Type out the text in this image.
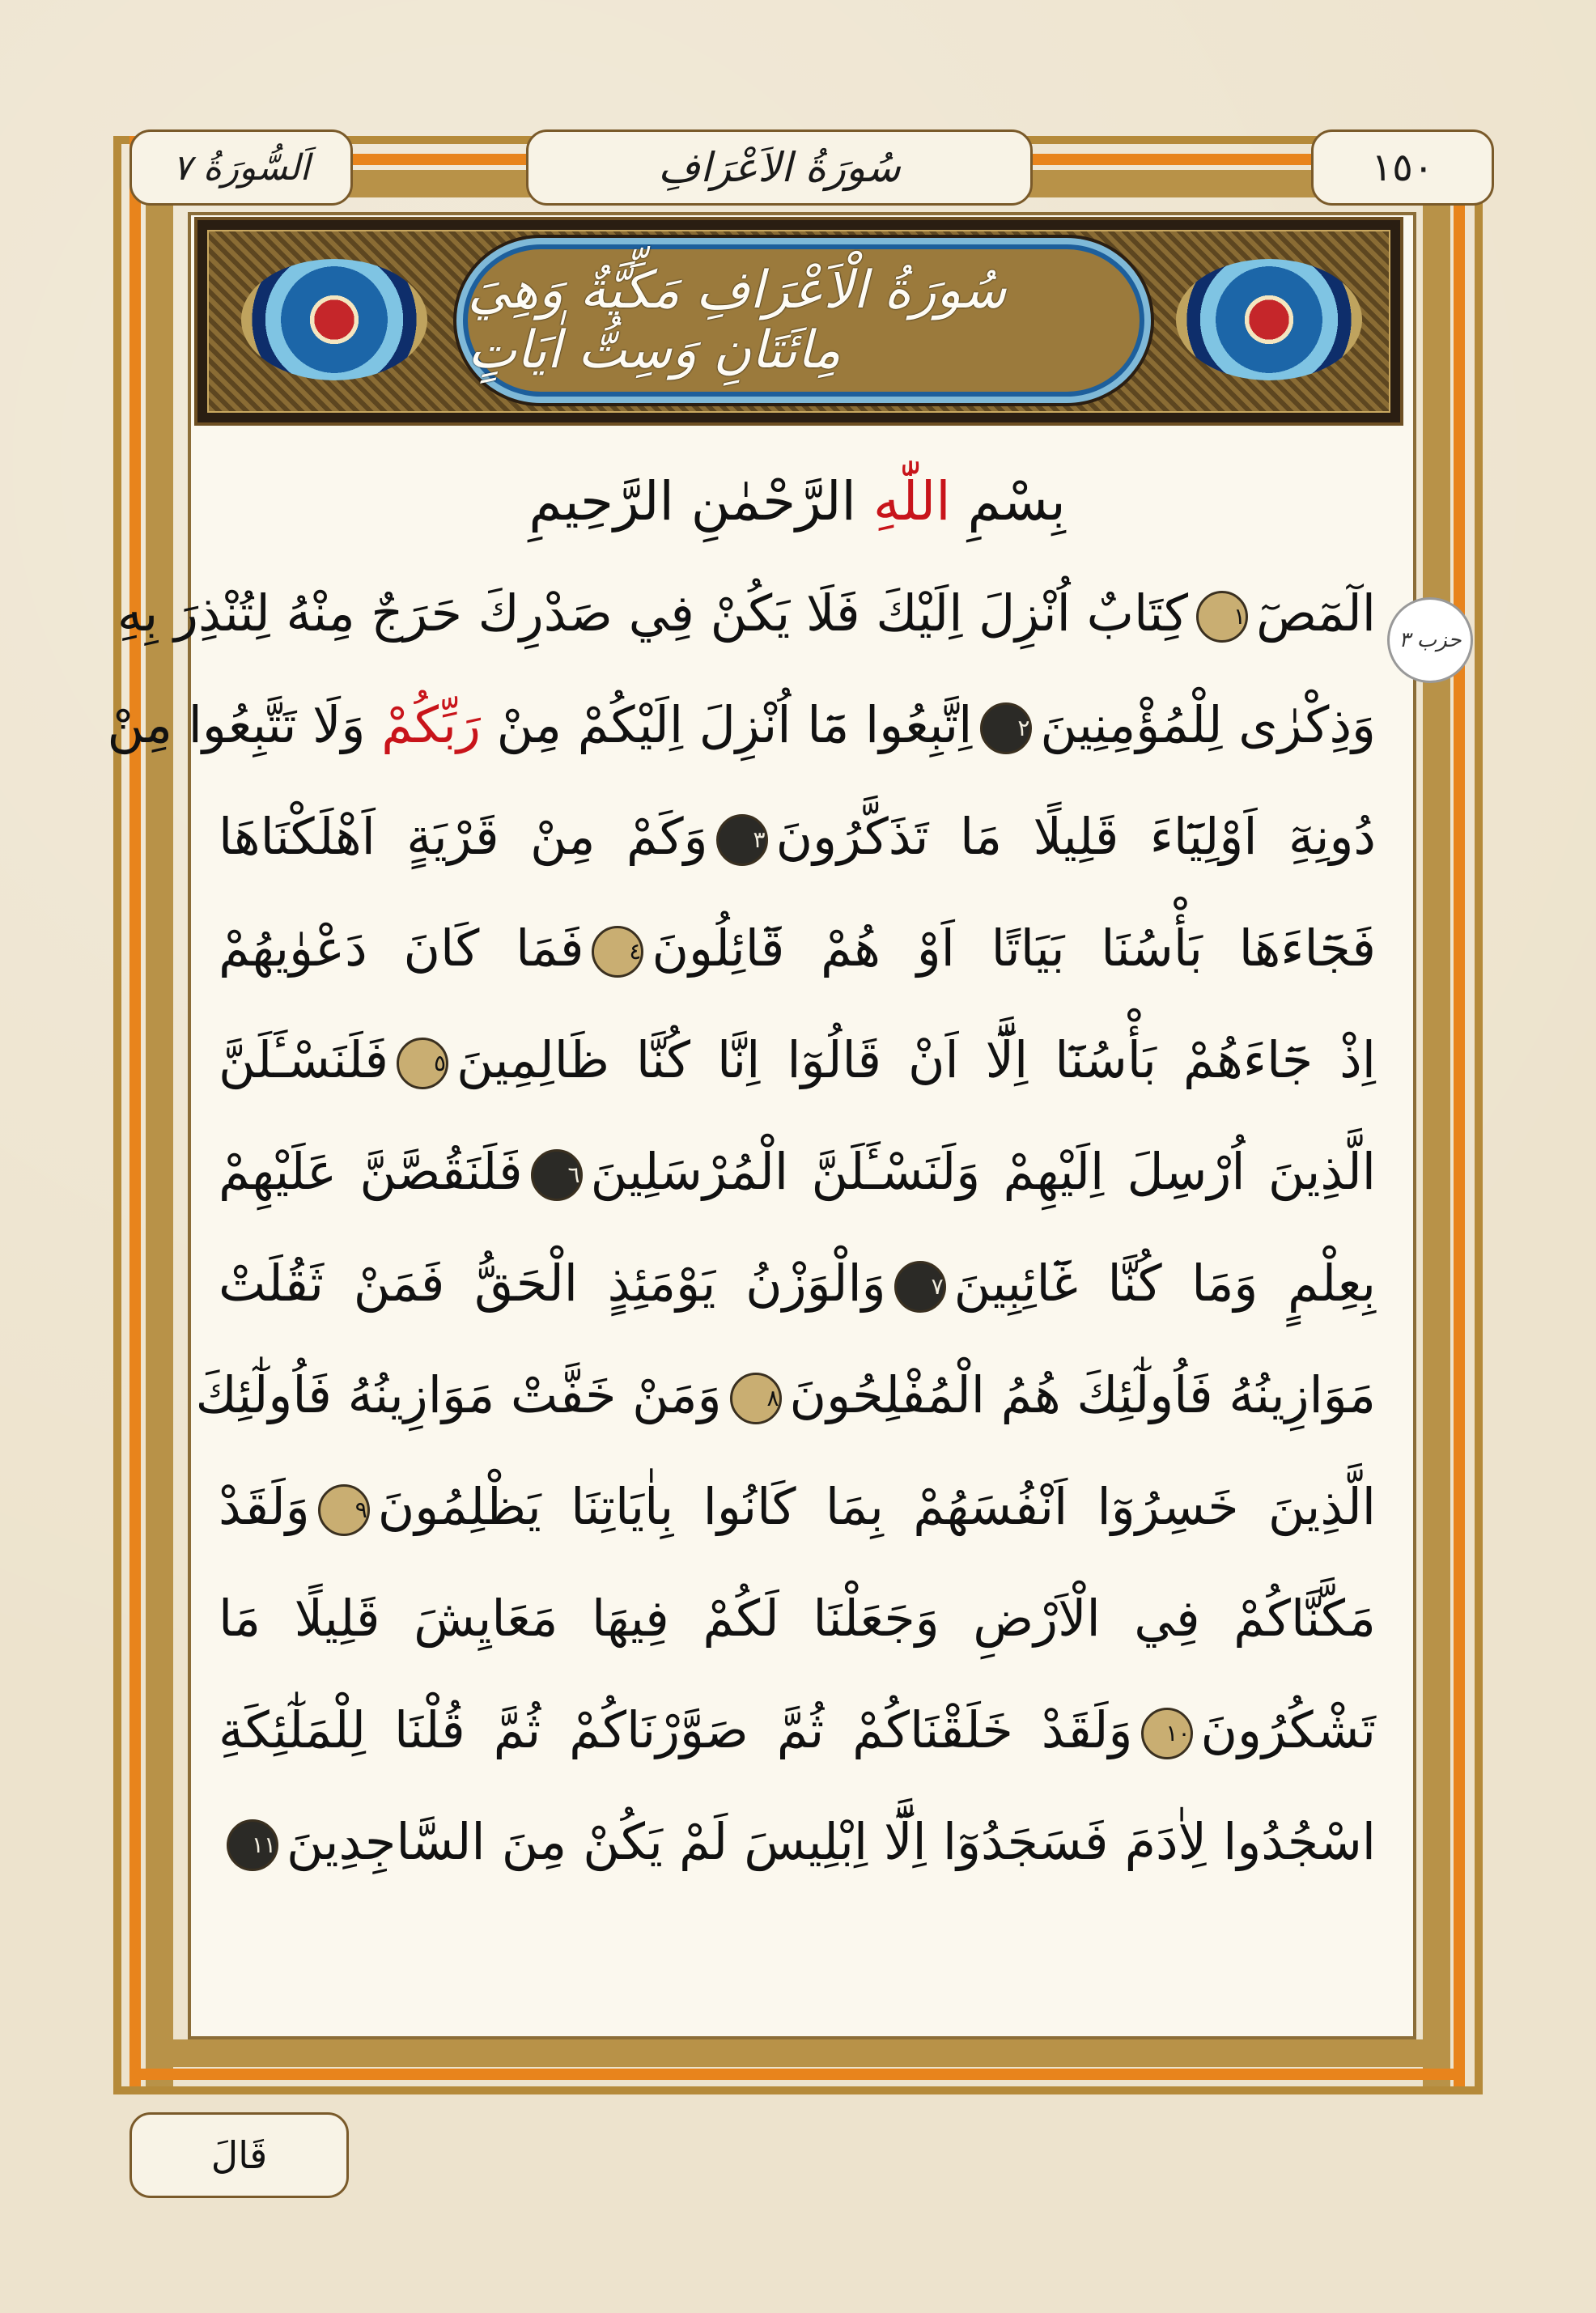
١٥٠
سُورَةُ الاَعْرَافِ
اَلسُّورَةُ ٧
سُورَةُ الْاَعْرَافِ مَكِّيَّةٌ وَهِيَ مِائَتَانِ وَسِتُّ اٰيَاتٍ
حزب ٣
بِسْمِ اللّٰهِ الرَّحْمٰنِ الرَّحِيمِ
الٓمٓصٓ١كِتَابٌ اُنْزِلَ اِلَيْكَ فَلَا يَكُنْ فِي صَدْرِكَ حَرَجٌ مِنْهُ لِتُنْذِرَ بِهِ
وَذِكْرٰى لِلْمُؤْمِنِينَ٢اِتَّبِعُوا مَٓا اُنْزِلَ اِلَيْكُمْ مِنْ رَبِّكُمْ وَلَا تَتَّبِعُوا مِنْ
دُونِهِٓ اَوْلِيَٓاءَ قَلِيلًا مَا تَذَكَّرُونَ٣وَكَمْ مِنْ قَرْيَةٍ اَهْلَكْنَاهَا
فَجَٓاءَهَا بَأْسُنَا بَيَاتًا اَوْ هُمْ قَٓائِلُونَ٤فَمَا كَانَ دَعْوٰيهُمْ
اِذْ جَٓاءَهُمْ بَأْسُنَٓا اِلَّٓا اَنْ قَالُوٓا اِنَّا كُنَّا ظَالِمِينَ٥فَلَنَسْـَٔلَنَّ
الَّذِينَ اُرْسِلَ اِلَيْهِمْ وَلَنَسْـَٔلَنَّ الْمُرْسَلِينَ٦فَلَنَقُصَّنَّ عَلَيْهِمْ
بِعِلْمٍ وَمَا كُنَّا غَٓائِبِينَ٧وَالْوَزْنُ يَوْمَئِذٍ الْحَقُّ فَمَنْ ثَقُلَتْ
مَوَازِينُهُ فَاُولٰٓئِكَ هُمُ الْمُفْلِحُونَ٨وَمَنْ خَفَّتْ مَوَازِينُهُ فَاُولٰٓئِكَ
الَّذِينَ خَسِرُوٓا اَنْفُسَهُمْ بِمَا كَانُوا بِاٰيَاتِنَا يَظْلِمُونَ٩وَلَقَدْ
مَكَّنَّاكُمْ فِي الْاَرْضِ وَجَعَلْنَا لَكُمْ فِيهَا مَعَايِشَ قَلِيلًا مَا
تَشْكُرُونَ١٠وَلَقَدْ خَلَقْنَاكُمْ ثُمَّ صَوَّرْنَاكُمْ ثُمَّ قُلْنَا لِلْمَلٰٓئِكَةِ
اسْجُدُوا لِاٰدَمَ فَسَجَدُوٓا اِلَّٓا اِبْلِيسَ لَمْ يَكُنْ مِنَ السَّاجِدِينَ١١
قَالَ
